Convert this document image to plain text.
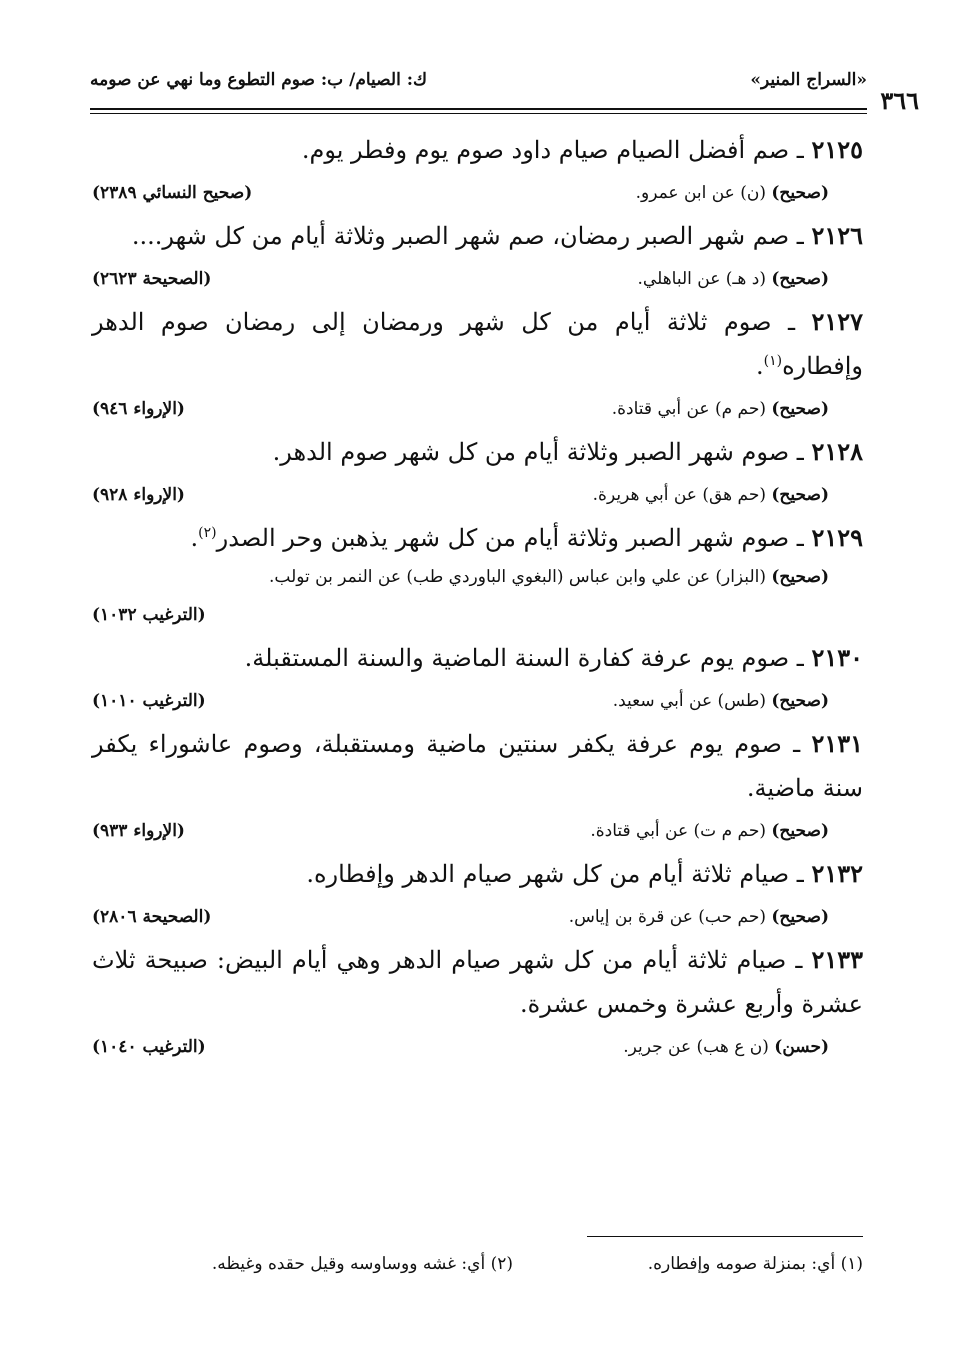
«السراج المنير»
ك: الصيام/ ب: صوم التطوع وما نهي عن صومه
٣٦٦

٢١٢٥ ـ صم أفضل الصيام صيام داود صوم يوم وفطر يوم.

(صحيح) (ن) عن ابن عمرو.
(صحيح النسائي ٢٣٨٩)

٢١٢٦ ـ صم شهر الصبر رمضان، صم شهر الصبر وثلاثة أيام من كل شهر....

(صحيح) (د هـ) عن الباهلي.
(الصحيحة ٢٦٢٣)

٢١٢٧ ـ صوم ثلاثة أيام من كل شهر ورمضان إلى رمضان صوم الدهر وإفطاره$^{(١)}$.

(صحيح) (حم م) عن أبي قتادة.
(الإرواء ٩٤٦)

٢١٢٨ ـ صوم شهر الصبر وثلاثة أيام من كل شهر صوم الدهر.

(صحيح) (حم هق) عن أبي هريرة.
(الإرواء ٩٢٨)

٢١٢٩ ـ صوم شهر الصبر وثلاثة أيام من كل شهر يذهبن وحر الصدر$^{(٢)}$.

(صحيح) (البزار) عن علي وابن عباس (البغوي الباوردي طب) عن النمر بن تولب.
(الترغيب ١٠٣٢)

٢١٣٠ ـ صوم يوم عرفة كفارة السنة الماضية والسنة المستقبلة.

(صحيح) (طس) عن أبي سعيد.
(الترغيب ١٠١٠)

٢١٣١ ـ صوم يوم عرفة يكفر سنتين ماضية ومستقبلة، وصوم عاشوراء يكفر سنة ماضية.

(صحيح) (حم م ت) عن أبي قتادة.
(الإرواء ٩٣٣)

٢١٣٢ ـ صيام ثلاثة أيام من كل شهر صيام الدهر وإفطاره.

(صحيح) (حم حب) عن قرة بن إياس.
(الصحيحة ٢٨٠٦)

٢١٣٣ ـ صيام ثلاثة أيام من كل شهر صيام الدهر وهي أيام البيض: صبيحة ثلاث عشرة وأربع عشرة وخمس عشرة.

(حسن) (ن ع هب) عن جرير.
(الترغيب ١٠٤٠)
(١) أي: بمنزلة صومه وإفطاره.
(٢) أي: غشه ووساوسه وقيل حقده وغيظه.
